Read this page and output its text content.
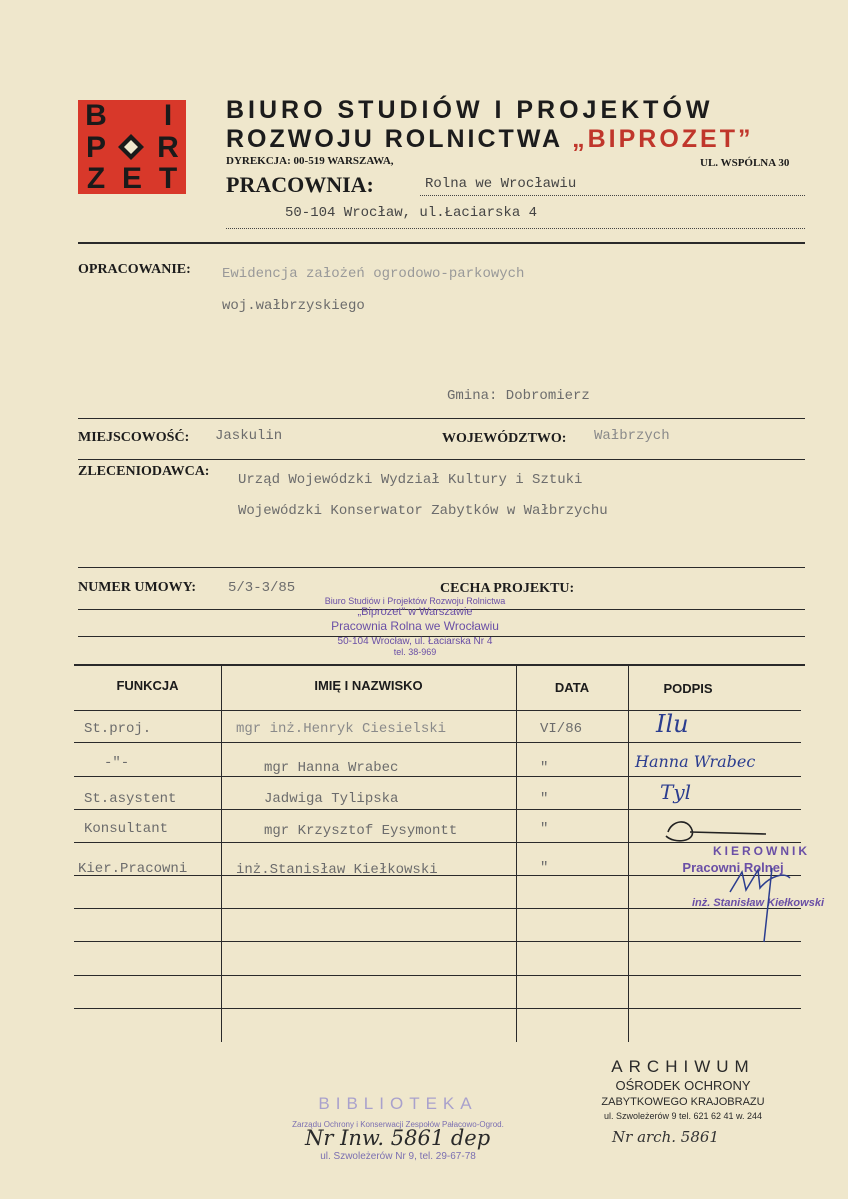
B	I
P R
Z E T
BIURO STUDIÓW I PROJEKTÓW
ROZWOJU ROLNICTWA „BIPROZET”
DYREKCJA: 00-519 WARSZAWA,	UL. WSPÓLNA 30
PRACOWNIA:	Rolna we Wrocławiu
50-104 Wrocław, ul.Łaciarska 4
OPRACOWANIE: Ewidencja założeń ogrodowo-parkowych
woj.wałbrzyskiego
Gmina: Dobromierz
MIEJSCOWOŚĆ: Jaskulin	WOJEWÓDZTWO: Wałbrzych
ZLECENIODAWCA:
Urząd Wojewódzki Wydział Kultury i Sztuki
Wojewódzki Konserwator Zabytków w Wałbrzychu
NUMER UMOWY: 5/3-3/85	CECHA PROJEKTU:
Biuro Studiów i Projektów Rozwoju Rolnictwa
„Biprozet” w Warszawie
Pracownia Rolna we Wrocławiu
50-104 Wrocław, ul. Łaciarska Nr 4
tel. 38-969
FUNKCJA	IMIĘ I NAZWISKO	DATA	PODPIS
St.proj.	mgr inż.Henryk Ciesielski	VI/86	Ilu
-"-	mgr Hanna Wrabec	"	Hanna Wrabec
St.asystent	Jadwiga Tylipska	"	Tyl
Konsultant	mgr Krzysztof Eysymontt	"
Kier.Pracowni	inż.Stanisław Kiełkowski	"
KIEROWNIK
Pracowni Rolnej
inż. Stanisław Kiełkowski
ARCHIWUM
OŚRODEK OCHRONY
ZABYTKOWEGO KRAJOBRAZU
ul. Szwoleżerów 9 tel. 621 62 41 w. 244
Nr arch. 5861
BIBLIOTEKA
Zarządu Ochrony i Konserwacji Zespołów Pałacowo-Ogrod.
ul. Szwoleżerów Nr 9, tel. 29-67-78
Nr Inw. 5861 dep
